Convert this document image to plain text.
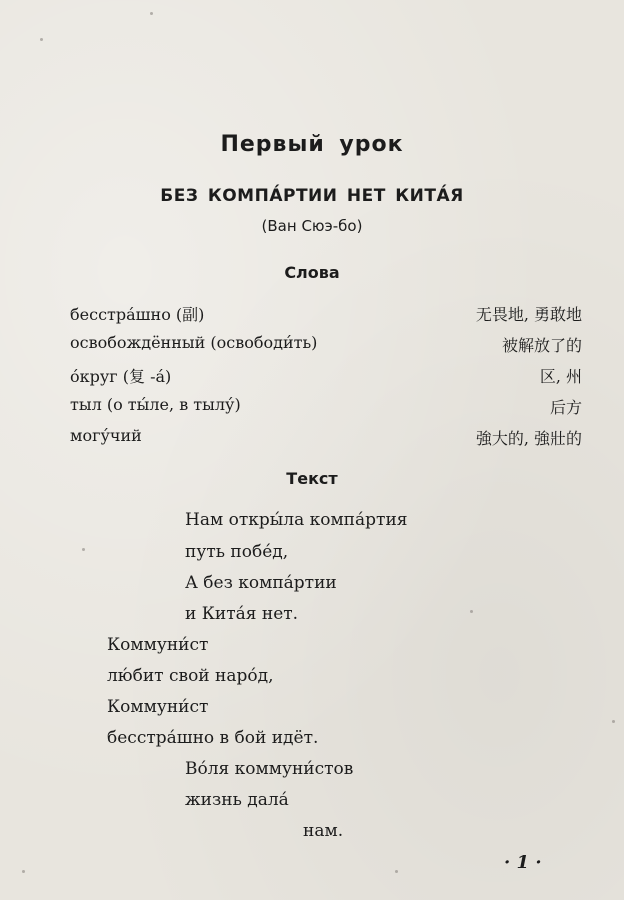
Первый урок
БЕЗ КОМПА́РТИИ НЕТ КИТА́Я
(Ван Сюэ-бо)
Слова
бесстра́шно (副)	无畏地, 勇敢地
освобождённый (освободи́ть)	被解放了的
о́круг (复 -а́)	区, 州
тыл (о ты́ле, в тылу́)	后方
могу́чий	強大的, 強壯的
Текст
Нам откры́ла компа́ртия
путь побе́д,
А без компа́ртии
и Кита́я нет.
Коммуни́ст
лю́бит свой наро́д,
Коммуни́ст
бесстра́шно в бой идёт.
Во́ля коммуни́стов
жизнь дала́
нам.
· 1 ·
